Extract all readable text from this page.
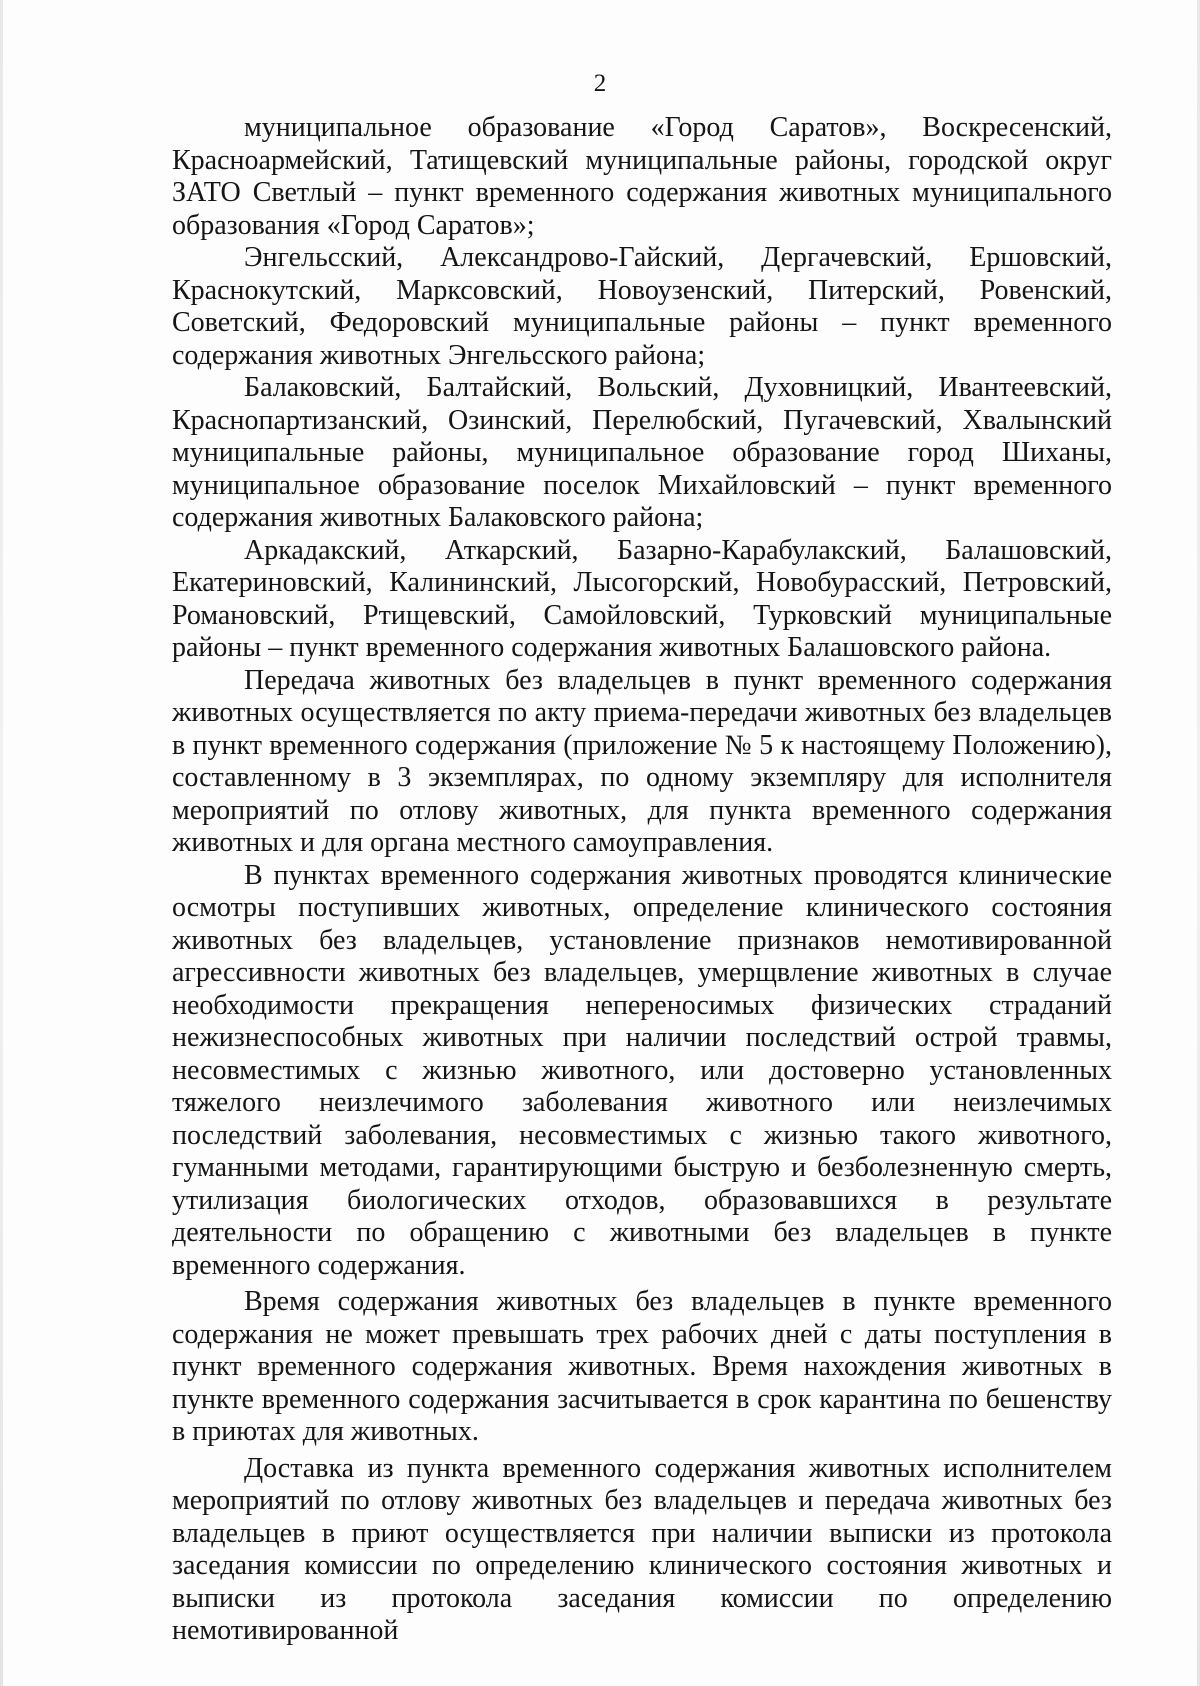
2

муниципальное образование «Город Саратов», Воскресенский, Красноармейский, Татищевский муниципальные районы, городской округ ЗАТО Светлый – пункт временного содержания животных муниципального образования «Город Саратов»;

Энгельсский, Александрово-Гайский, Дергачевский, Ершовский, Краснокутский, Марксовский, Новоузенский, Питерский, Ровенский, Советский, Федоровский муниципальные районы – пункт временного содержания животных Энгельсского района;

Балаковский, Балтайский, Вольский, Духовницкий, Ивантеевский, Краснопартизанский, Озинский, Перелюбский, Пугачевский, Хвалынский муниципальные районы, муниципальное образование город Шиханы, муниципальное образование поселок Михайловский – пункт временного содержания животных Балаковского района;

Аркадакский, Аткарский, Базарно-Карабулакский, Балашовский, Екатериновский, Калининский, Лысогорский, Новобурасский, Петровский, Романовский, Ртищевский, Самойловский, Турковский муниципальные районы – пункт временного содержания животных Балашовского района.

Передача животных без владельцев в пункт временного содержания животных осуществляется по акту приема-передачи животных без владельцев в пункт временного содержания (приложение № 5 к настоящему Положению), составленному в 3 экземплярах, по одному экземпляру для исполнителя мероприятий по отлову животных, для пункта временного содержания животных и для органа местного самоуправления.

В пунктах временного содержания животных проводятся клинические осмотры поступивших животных, определение клинического состояния животных без владельцев, установление признаков немотивированной агрессивности животных без владельцев, умерщвление животных в случае необходимости прекращения непереносимых физических страданий нежизнеспособных животных при наличии последствий острой травмы, несовместимых с жизнью животного, или достоверно установленных тяжелого неизлечимого заболевания животного или неизлечимых последствий заболевания, несовместимых с жизнью такого животного, гуманными методами, гарантирующими быструю и безболезненную смерть, утилизация биологических отходов, образовавшихся в результате деятельности по обращению с животными без владельцев в пункте временного содержания.

Время содержания животных без владельцев в пункте временного содержания не может превышать трех рабочих дней с даты поступления в пункт временного содержания животных. Время нахождения животных в пункте временного содержания засчитывается в срок карантина по бешенству в приютах для животных.

Доставка из пункта временного содержания животных исполнителем мероприятий по отлову животных без владельцев и передача животных без владельцев в приют осуществляется при наличии выписки из протокола заседания комиссии по определению клинического состояния животных и выписки из протокола заседания комиссии по определению немотивированной
